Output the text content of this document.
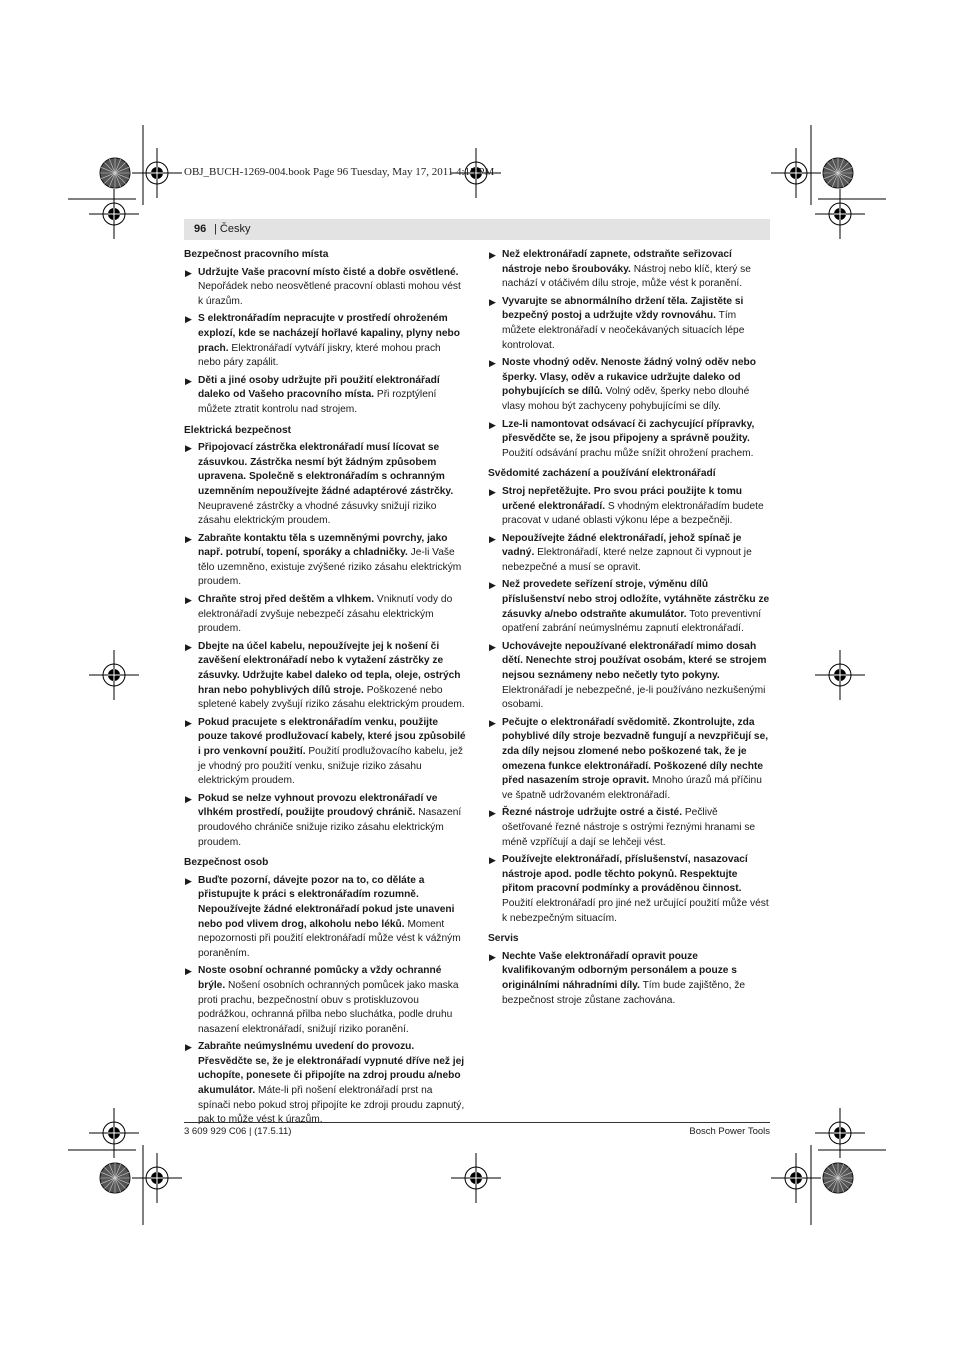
OBJ_BUCH-1269-004.book Page 96 Tuesday, May 17, 2011 4:15 PM
96 | Česky
Bezpečnost pracovního místa
▶ Udržujte Vaše pracovní místo čisté a dobře osvětlené. Nepořádek nebo neosvětlené pracovní oblasti mohou vést k úrazům.
▶ S elektronářadím nepracujte v prostředí ohroženém explozí, kde se nacházejí hořlavé kapaliny, plyny nebo prach. Elektronářadí vytváří jiskry, které mohou prach nebo páry zapálit.
▶ Děti a jiné osoby udržujte při použití elektronářadí daleko od Vašeho pracovního místa. Při rozptýlení můžete ztratit kontrolu nad strojem.
Elektrická bezpečnost
▶ Připojovací zástrčka elektronářadí musí lícovat se zásuvkou. Zástrčka nesmí být žádným způsobem upravena. Společně s elektronářadím s ochranným uzemněním nepoužívejte žádné adaptérové zástrčky. Neupravené zástrčky a vhodné zásuvky snižují riziko zásahu elektrickým proudem.
▶ Zabraňte kontaktu těla s uzemněnými povrchy, jako např. potrubí, topení, sporáky a chladničky. Je-li Vaše tělo uzemněno, existuje zvýšené riziko zásahu elektrickým proudem.
▶ Chraňte stroj před deštěm a vlhkem. Vniknutí vody do elektronářadí zvyšuje nebezpečí zásahu elektrickým proudem.
▶ Dbejte na účel kabelu, nepoužívejte jej k nošení či zavěšení elektronářadí nebo k vytažení zástrčky ze zásuvky. Udržujte kabel daleko od tepla, oleje, ostrých hran nebo pohyblivých dílů stroje. Poškozené nebo spletené kabely zvyšují riziko zásahu elektrickým proudem.
▶ Pokud pracujete s elektronářadím venku, použijte pouze takové prodlužovací kabely, které jsou způsobilé i pro venkovní použití. Použití prodlužovacího kabelu, jež je vhodný pro použití venku, snižuje riziko zásahu elektrickým proudem.
▶ Pokud se nelze vyhnout provozu elektronářadí ve vlhkém prostředí, použijte proudový chránič. Nasazení proudového chrániče snižuje riziko zásahu elektrickým proudem.
Bezpečnost osob
▶ Buďte pozorní, dávejte pozor na to, co děláte a přistupujte k práci s elektronářadím rozumně. Nepoužívejte žádné elektronářadí pokud jste unaveni nebo pod vlivem drog, alkoholu nebo léků. Moment nepozornosti při použití elektronářadí může vést k vážným poraněním.
▶ Noste osobní ochranné pomůcky a vždy ochranné brýle. Nošení osobních ochranných pomůcek jako maska proti prachu, bezpečnostní obuv s protiskluzovou podrážkou, ochranná přilba nebo sluchátka, podle druhu nasazení elektronářadí, snižují riziko poranění.
▶ Zabraňte neúmyslnému uvedení do provozu. Přesvědčte se, že je elektronářadí vypnuté dříve než jej uchopíte, ponesete či připojíte na zdroj proudu a/nebo akumulátor. Máte-li při nošení elektronářadí prst na spínači nebo pokud stroj připojíte ke zdroji proudu zapnutý, pak to může vést k úrazům.
▶ Než elektronářadí zapnete, odstraňte seřizovací nástroje nebo šroubováky. Nástroj nebo klíč, který se nachází v otáčivém dílu stroje, může vést k poranění.
▶ Vyvarujte se abnormálního držení těla. Zajistěte si bezpečný postoj a udržujte vždy rovnováhu. Tím můžete elektronářadí v neočekávaných situacích lépe kontrolovat.
▶ Noste vhodný oděv. Nenoste žádný volný oděv nebo šperky. Vlasy, oděv a rukavice udržujte daleko od pohybujících se dílů. Volný oděv, šperky nebo dlouhé vlasy mohou být zachyceny pohybujícími se díly.
▶ Lze-li namontovat odsávací či zachycující přípravky, přesvědčte se, že jsou připojeny a správně použity. Použití odsávání prachu může snížit ohrožení prachem.
Svědomité zacházení a používání elektronářadí
▶ Stroj nepřetěžujte. Pro svou práci použijte k tomu určené elektronářadí. S vhodným elektronářadím budete pracovat v udané oblasti výkonu lépe a bezpečněji.
▶ Nepoužívejte žádné elektronářadí, jehož spínač je vadný. Elektronářadí, které nelze zapnout či vypnout je nebezpečné a musí se opravit.
▶ Než provedete seřízení stroje, výměnu dílů příslušenství nebo stroj odložíte, vytáhněte zástrčku ze zásuvky a/nebo odstraňte akumulátor. Toto preventivní opatření zabrání neúmyslnému zapnutí elektronářadí.
▶ Uchovávejte nepoužívané elektronářadí mimo dosah dětí. Nenechte stroj používat osobám, které se strojem nejsou seznámeny nebo nečetly tyto pokyny. Elektronářadí je nebezpečné, je-li používáno nezkušenými osobami.
▶ Pečujte o elektronářadí svědomitě. Zkontrolujte, zda pohyblivé díly stroje bezvadně fungují a nevzpřičují se, zda díly nejsou zlomené nebo poškozené tak, že je omezena funkce elektronářadí. Poškozené díly nechte před nasazením stroje opravit. Mnoho úrazů má příčinu ve špatně udržovaném elektronářadí.
▶ Řezné nástroje udržujte ostré a čisté. Pečlivě ošetřované řezné nástroje s ostrými řeznými hranami se méně vzpříčují a dají se lehčeji vést.
▶ Používejte elektronářadí, příslušenství, nasazovací nástroje apod. podle těchto pokynů. Respektujte přitom pracovní podmínky a prováděnou činnost. Použití elektronářadí pro jiné než určující použití může vést k nebezpečným situacím.
Servis
▶ Nechte Vaše elektronářadí opravit pouze kvalifikovaným odborným personálem a pouze s originálními náhradními díly. Tím bude zajištěno, že bezpečnost stroje zůstane zachována.
3 609 929 C06 | (17.5.11)	Bosch Power Tools
